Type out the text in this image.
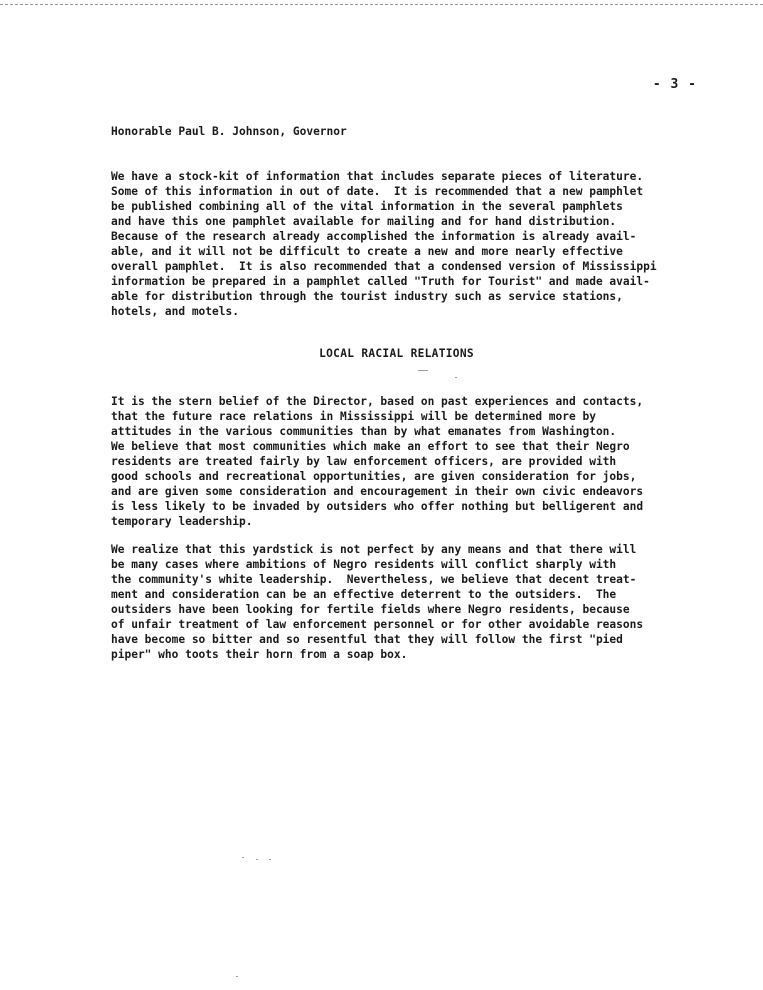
- 3 -
Honorable Paul B. Johnson, Governor
We have a stock-kit of information that includes separate pieces of literature.
Some of this information in out of date.  It is recommended that a new pamphlet
be published combining all of the vital information in the several pamphlets
and have this one pamphlet available for mailing and for hand distribution.
Because of the research already accomplished the information is already avail-
able, and it will not be difficult to create a new and more nearly effective
overall pamphlet.  It is also recommended that a condensed version of Mississippi
information be prepared in a pamphlet called "Truth for Tourist" and made avail-
able for distribution through the tourist industry such as service stations,
hotels, and motels.
LOCAL RACIAL RELATIONS
It is the stern belief of the Director, based on past experiences and contacts,
that the future race relations in Mississippi will be determined more by
attitudes in the various communities than by what emanates from Washington.
We believe that most communities which make an effort to see that their Negro
residents are treated fairly by law enforcement officers, are provided with
good schools and recreational opportunities, are given consideration for jobs,
and are given some consideration and encouragement in their own civic endeavors
is less likely to be invaded by outsiders who offer nothing but belligerent and
temporary leadership.
We realize that this yardstick is not perfect by any means and that there will
be many cases where ambitions of Negro residents will conflict sharply with
the community's white leadership.  Nevertheless, we believe that decent treat-
ment and consideration can be an effective deterrent to the outsiders.  The
outsiders have been looking for fertile fields where Negro residents, because
of unfair treatment of law enforcement personnel or for other avoidable reasons
have become so bitter and so resentful that they will follow the first "pied
piper" who toots their horn from a soap box.
